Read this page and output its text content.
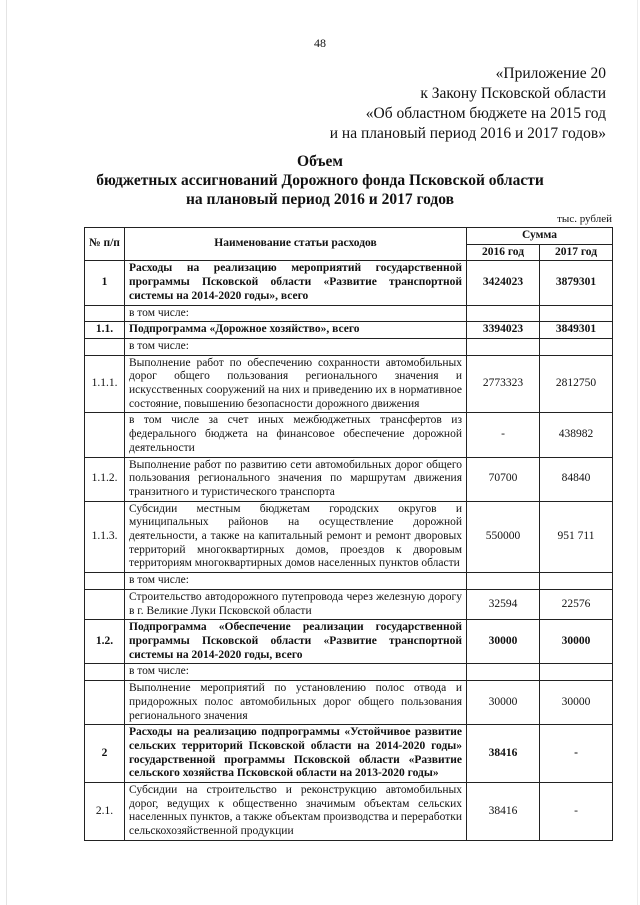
48
«Приложение 20
к Закону Псковской области
«Об областном бюджете на 2015 год
и на плановый период 2016 и 2017 годов»
Объем
бюджетных ассигнований Дорожного фонда Псковской области
на плановый период 2016 и 2017 годов
тыс. рублей
№ п/п	Наименование статьи расходов	Сумма	
		2016 год	2017 год
1	Расходы на реализацию мероприятий государственной программы Псковской области «Развитие транспортной системы на 2014-2020 годы», всего	3424023	3879301
	в том числе:		
1.1.	Подпрограмма «Дорожное хозяйство», всего	3394023	3849301
	в том числе:		
1.1.1.	Выполнение работ по обеспечению сохранности автомобильных дорог общего пользования регионального значения и искусственных сооружений на них и приведению их в нормативное состояние, повышению безопасности дорожного движения	2773323	2812750
	в том числе за счет иных межбюджетных трансфертов из федерального бюджета на финансовое обеспечение дорожной деятельности	-	438982
1.1.2.	Выполнение работ по развитию сети автомобильных дорог общего пользования регионального значения по маршрутам движения транзитного и туристического транспорта	70700	84840
1.1.3.	Субсидии местным бюджетам городских округов и муниципальных районов на осуществление дорожной деятельности, а также на капитальный ремонт и ремонт дворовых территорий многоквартирных домов, проездов к дворовым территориям многоквартирных домов населенных пунктов области	550000	951 711
	в том числе:		
	Строительство автодорожного путепровода через железную дорогу в г. Великие Луки Псковской области	32594	22576
1.2.	Подпрограмма «Обеспечение реализации государственной программы Псковской области «Развитие транспортной системы на 2014-2020 годы, всего	30000	30000
	в том числе:		
	Выполнение мероприятий по установлению полос отвода и придорожных полос автомобильных дорог общего пользования регионального значения	30000	30000
2	Расходы на реализацию подпрограммы «Устойчивое развитие сельских территорий Псковской области на 2014-2020 годы» государственной программы Псковской области «Развитие сельского хозяйства Псковской области на 2013-2020 годы»	38416	-
2.1.	Субсидии на строительство и реконструкцию автомобильных дорог, ведущих к общественно значимым объектам сельских населенных пунктов, а также объектам производства и переработки сельскохозяйственной продукции	38416	-
